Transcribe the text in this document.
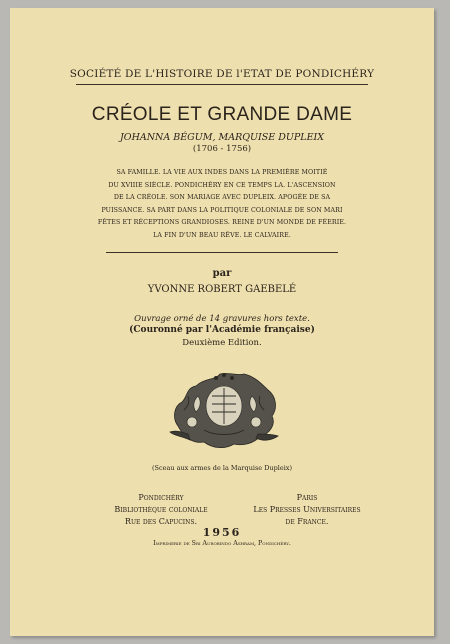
SOCIÉTÉ DE L'HISTOIRE DE l'ETAT DE PONDICHÉRY
CRÉOLE ET GRANDE DAME
JOHANNA BÉGUM, MARQUISE DUPLEIX
(1706 - 1756)
SA FAMILLE. LA VIE AUX INDES DANS LA PREMIÈRE MOITIÉ
DU XVIIIE SIÈCLE. PONDICHÉRY EN CE TEMPS LA. L'ASCENSION
DE LA CRÉOLE. SON MARIAGE AVEC DUPLEIX. APOGÉE DE SA
PUISSANCE. SA PART DANS LA POLITIQUE COLONIALE DE SON MARI
FÊTES ET RÉCEPTIONS GRANDIOSES. REINE D'UN MONDE DE FÉERIE.
LA FIN D'UN BEAU RÊVE. LE CALVAIRE.
par
YVONNE ROBERT GAEBELÉ
Ouvrage orné de 14 gravures hors texte.
(Couronné par l'Académie française)
Deuxième Edition.
(Sceau aux armes de la Marquise Dupleix)
Pondichéry
Bibliothèque coloniale
Rue des Capucins.
Paris
Les Presses Universitaires
de France.
1956
Imprimerie de Sri Aurobindo Ashram, Pondichéry.
